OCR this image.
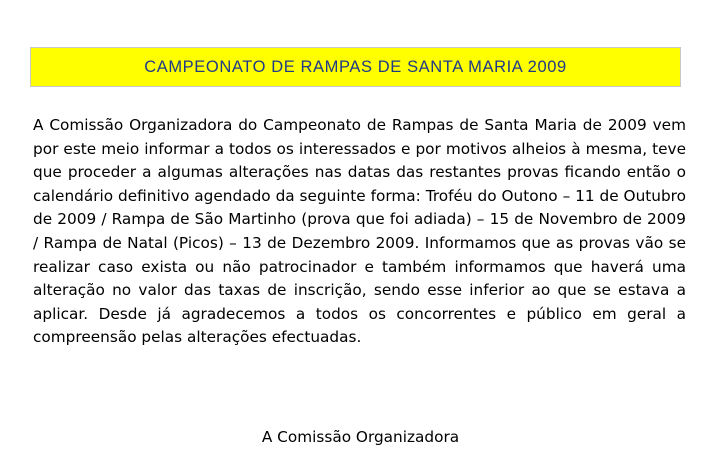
CAMPEONATO DE RAMPAS DE SANTA MARIA 2009

A Comissão Organizadora do Campeonato de Rampas de Santa Maria de 2009 vem por este meio informar a todos os interessados e por motivos alheios à mesma, teve que proceder a algumas alterações nas datas das restantes provas ficando então o calendário definitivo agendado da seguinte forma: Troféu do Outono – 11 de Outubro de 2009 / Rampa de São Martinho (prova que foi adiada) – 15 de Novembro de 2009 / Rampa de Natal (Picos) – 13 de Dezembro 2009. Informamos que as provas vão se realizar caso exista ou não patrocinador e também informamos que haverá uma alteração no valor das taxas de inscrição, sendo esse inferior ao que se estava a aplicar. Desde já agradecemos a todos os concorrentes e público em geral a compreensão pelas alterações efectuadas.

A Comissão Organizadora
